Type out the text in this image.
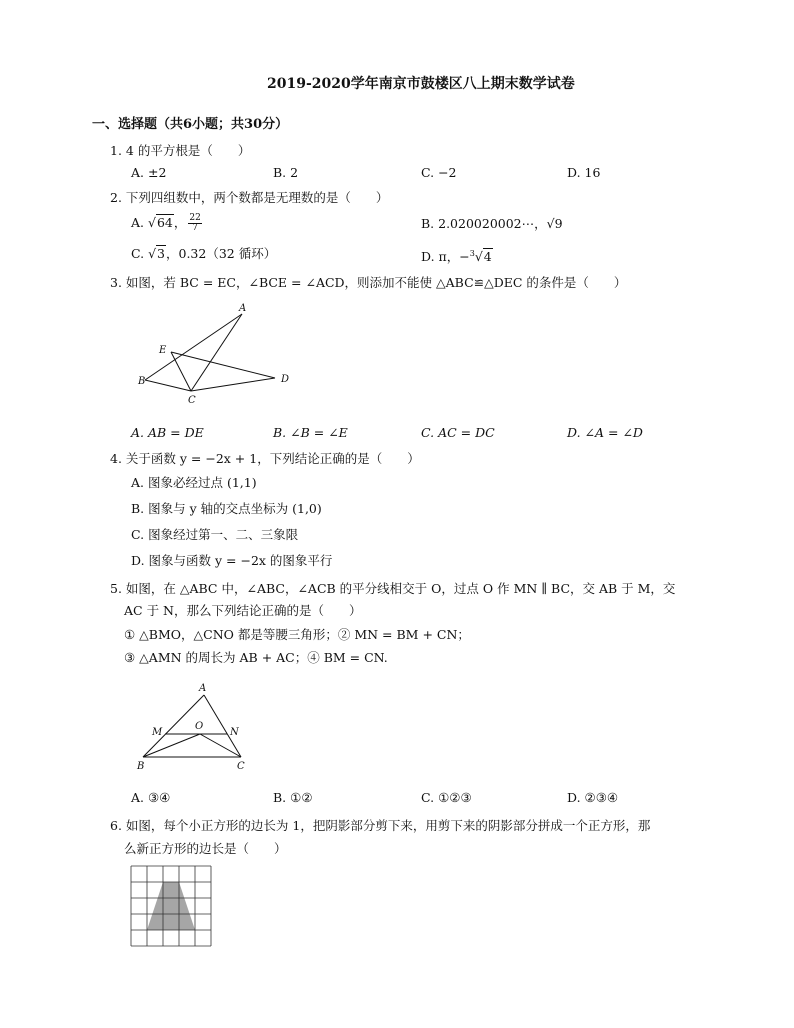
2019-2020学年南京市鼓楼区八上期末数学试卷
一、选择题（共6小题；共30分）
1. 4 的平方根是（　　）
A. ±2	B. 2	C. −2	D. 16
2. 下列四组数中，两个数都是无理数的是（　　）
A. √64， $\frac{22}{7}$	B. 2.020020002⋯，√9
C. √3，0.32（32 循环）	D. π，−$^3$√4
3. 如图，若 BC = EC，∠BCE = ∠ACD，则添加不能使 △ABC≌△DEC 的条件是（　　）
A
E
B
C
D
A. AB = DE	B. ∠B = ∠E	C. AC = DC	D. ∠A = ∠D
4. 关于函数 y = −2x + 1，下列结论正确的是（　　）
A. 图象必经过点 (1,1)
B. 图象与 y 轴的交点坐标为 (1,0)
C. 图象经过第一、二、三象限
D. 图象与函数 y = −2x 的图象平行
5. 如图，在 △ABC 中，∠ABC，∠ACB 的平分线相交于 O，过点 O 作 MN ∥ BC，交 AB 于 M，交
AC 于 N，那么下列结论正确的是（　　）
① △BMO，△CNO 都是等腰三角形；② MN = BM + CN；
③ △AMN 的周长为 AB + AC；④ BM = CN.
A
M
O
N
B	C
A. ③④	B. ①②	C. ①②③	D. ②③④
6. 如图，每个小正方形的边长为 1，把阴影部分剪下来，用剪下来的阴影部分拼成一个正方形，那
么新正方形的边长是（　　）
